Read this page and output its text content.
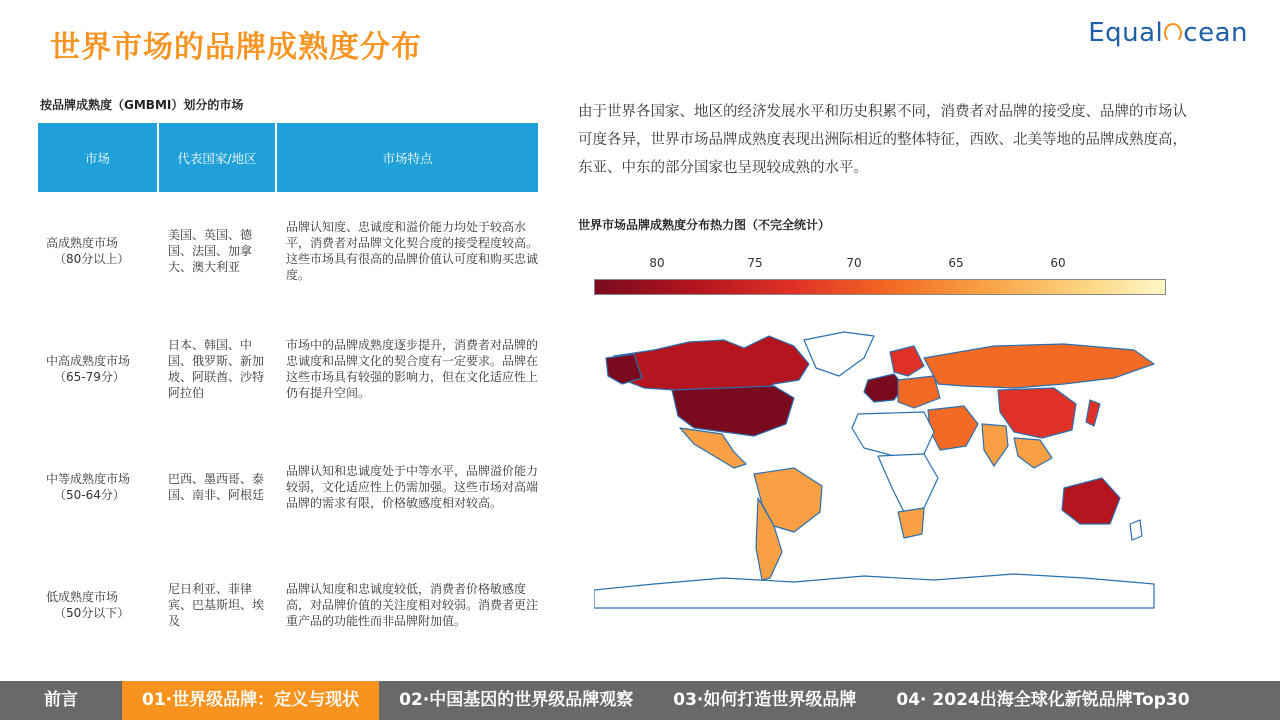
世界市场的品牌成熟度分布	Equal cean
按品牌成熟度（GMBMI）划分的市场
市场	代表国家/地区	市场特点
高成熟度市场
（80分以上）	美国、英国、德国、法国、加拿大、澳大利亚	品牌认知度、忠诚度和溢价能力均处于较高水平，消费者对品牌文化契合度的接受程度较高。这些市场具有很高的品牌价值认可度和购买忠诚度。
中高成熟度市场
（65-79分）	日本、韩国、中国、俄罗斯、新加坡、阿联酋、沙特阿拉伯	市场中的品牌成熟度逐步提升，消费者对品牌的忠诚度和品牌文化的契合度有一定要求。品牌在这些市场具有较强的影响力，但在文化适应性上仍有提升空间。
中等成熟度市场
（50-64分）	巴西、墨西哥、泰国、南非、阿根廷	品牌认知和忠诚度处于中等水平，品牌溢价能力较弱，文化适应性上仍需加强。这些市场对高端品牌的需求有限，价格敏感度相对较高。
低成熟度市场
（50分以下）	尼日利亚、菲律宾、巴基斯坦、埃及	品牌认知度和忠诚度较低，消费者价格敏感度高，对品牌价值的关注度相对较弱。消费者更注重产品的功能性而非品牌附加值。
由于世界各国家、地区的经济发展水平和历史积累不同，消费者对品牌的接受度、品牌的市场认可度各异，世界市场品牌成熟度表现出洲际相近的整体特征，西欧、北美等地的品牌成熟度高，东亚、中东的部分国家也呈现较成熟的水平。
世界市场品牌成熟度分布热力图（不完全统计）
80	75	70	65	60
前言	01·世界级品牌：定义与现状	02·中国基因的世界级品牌观察	03·如何打造世界级品牌	04· 2024出海全球化新锐品牌Top30
